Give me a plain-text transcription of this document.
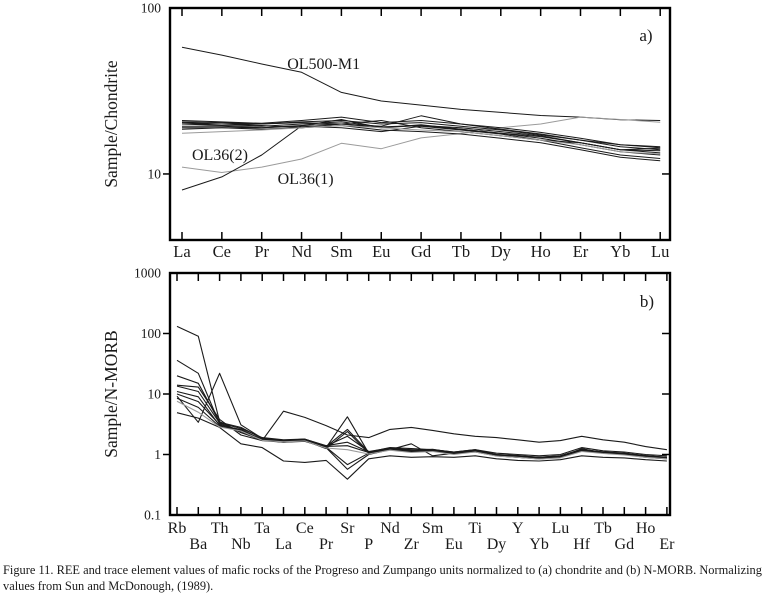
La Ce Pr Nd Sm Eu Gd Tb Dy Ho Er Yb Lu
100
10
OL500-M1
OL36(2)
OL36(1)
a)
Sample/Chondrite
Rb
Ba
Th
Nb
Ta
La
Ce
Pr
Sr
P
Nd
Zr
Sm
Eu
Ti
Dy
Y
Yb
Lu
Hf
Tb
Gd
Ho
Er
1000
100
10
1
0.1
b)
Sample/N-MORB
Figure 11. REE and trace element values of mafic rocks of the Progreso and Zumpango units normalized to (a) chondrite and (b) N-MORB. Normalizing
values from Sun and McDonough, (1989).
